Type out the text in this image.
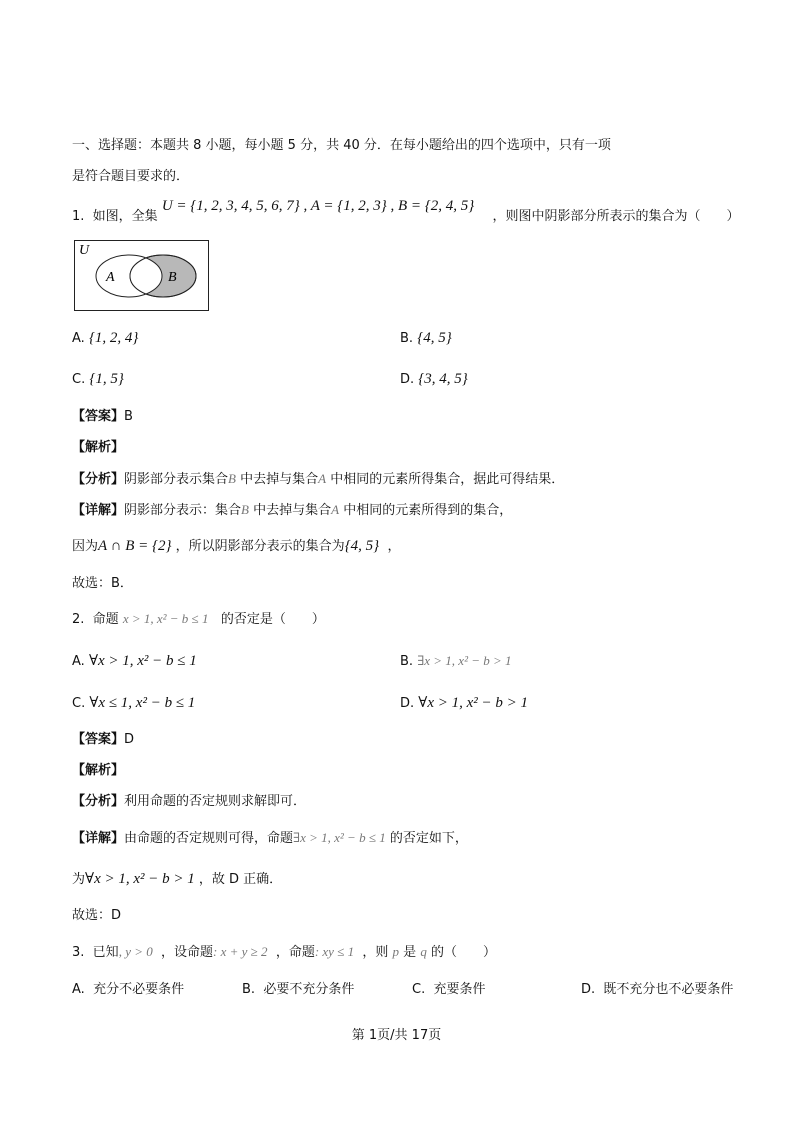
一、选择题：本题共 8 小题，每小题 5 分，共 40 分．在每小题给出的四个选项中，只有一项
是符合题目要求的．
1. 如图，全集 U = {1, 2, 3, 4, 5, 6, 7} , A = {1, 2, 3} , B = {2, 4, 5} ，则图中阴影部分所表示的集合为（　　）
U
A	B
A. {1, 2, 4}	B. {4, 5}
C. {1, 5}	D. {3, 4, 5}
【答案】B
【解析】
【分析】阴影部分表示集合B 中去掉与集合A 中相同的元素所得集合，据此可得结果．
【详解】阴影部分表示：集合B 中去掉与集合A 中相同的元素所得到的集合，
因为A ∩ B = {2} ，所以阴影部分表示的集合为{4, 5} ，
故选：B．
2. 命题 x > 1, x² − b ≤ 1 的否定是（　　）
A. ∀x > 1, x² − b ≤ 1	B. ∃x > 1, x² − b > 1
C. ∀x ≤ 1, x² − b ≤ 1	D. ∀x > 1, x² − b > 1
【答案】D
【解析】
【分析】利用命题的否定规则求解即可．
【详解】由命题的否定规则可得，命题∃x > 1, x² − b ≤ 1 的否定如下，
为∀x > 1, x² − b > 1 ，故 D 正确．
故选：D
3. 已知, y > 0 ，设命题: x + y ≥ 2 ，命题: xy ≤ 1 ，则 p 是 q 的（　　）
A. 充分不必要条件	B. 必要不充分条件	C. 充要条件	D. 既不充分也不必要条件
第 1页/共 17页
